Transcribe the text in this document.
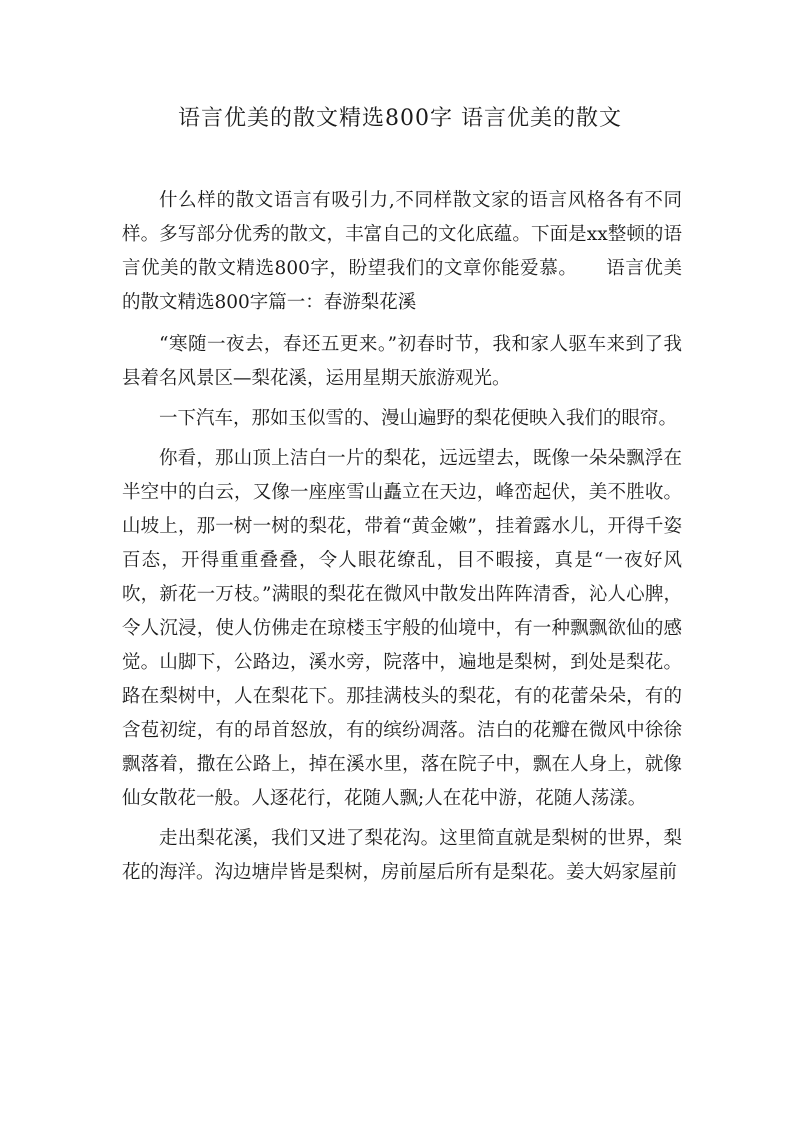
语言优美的散文精选800字 语言优美的散文

什么样的散文语言有吸引力,不同样散文家的语言风格各有不同样。多写部分优秀的散文，丰富自己的文化底蕴。下面是xx整顿的语言优美的散文精选800字，盼望我们的文章你能爱慕。　　语言优美的散文精选800字篇一：春游梨花溪

“寒随一夜去，春还五更来。”初春时节，我和家人驱车来到了我县着名风景区—梨花溪，运用星期天旅游观光。

一下汽车，那如玉似雪的、漫山遍野的梨花便映入我们的眼帘。

你看，那山顶上洁白一片的梨花，远远望去，既像一朵朵飘浮在半空中的白云，又像一座座雪山矗立在天边，峰峦起伏，美不胜收。山坡上，那一树一树的梨花，带着“黄金嫩”，挂着露水儿，开得千姿百态，开得重重叠叠，令人眼花缭乱，目不暇接，真是“一夜好风吹，新花一万枝。”满眼的梨花在微风中散发出阵阵清香，沁人心脾，令人沉浸，使人仿佛走在琼楼玉宇般的仙境中，有一种飘飘欲仙的感觉。山脚下，公路边，溪水旁，院落中，遍地是梨树，到处是梨花。路在梨树中，人在梨花下。那挂满枝头的梨花，有的花蕾朵朵，有的含苞初绽，有的昂首怒放，有的缤纷凋落。洁白的花瓣在微风中徐徐飘落着，撒在公路上，掉在溪水里，落在院子中，飘在人身上，就像仙女散花一般。人逐花行，花随人飘;人在花中游，花随人荡漾。

走出梨花溪，我们又进了梨花沟。这里简直就是梨树的世界，梨花的海洋。沟边塘岸皆是梨树，房前屋后所有是梨花。姜大妈家屋前
